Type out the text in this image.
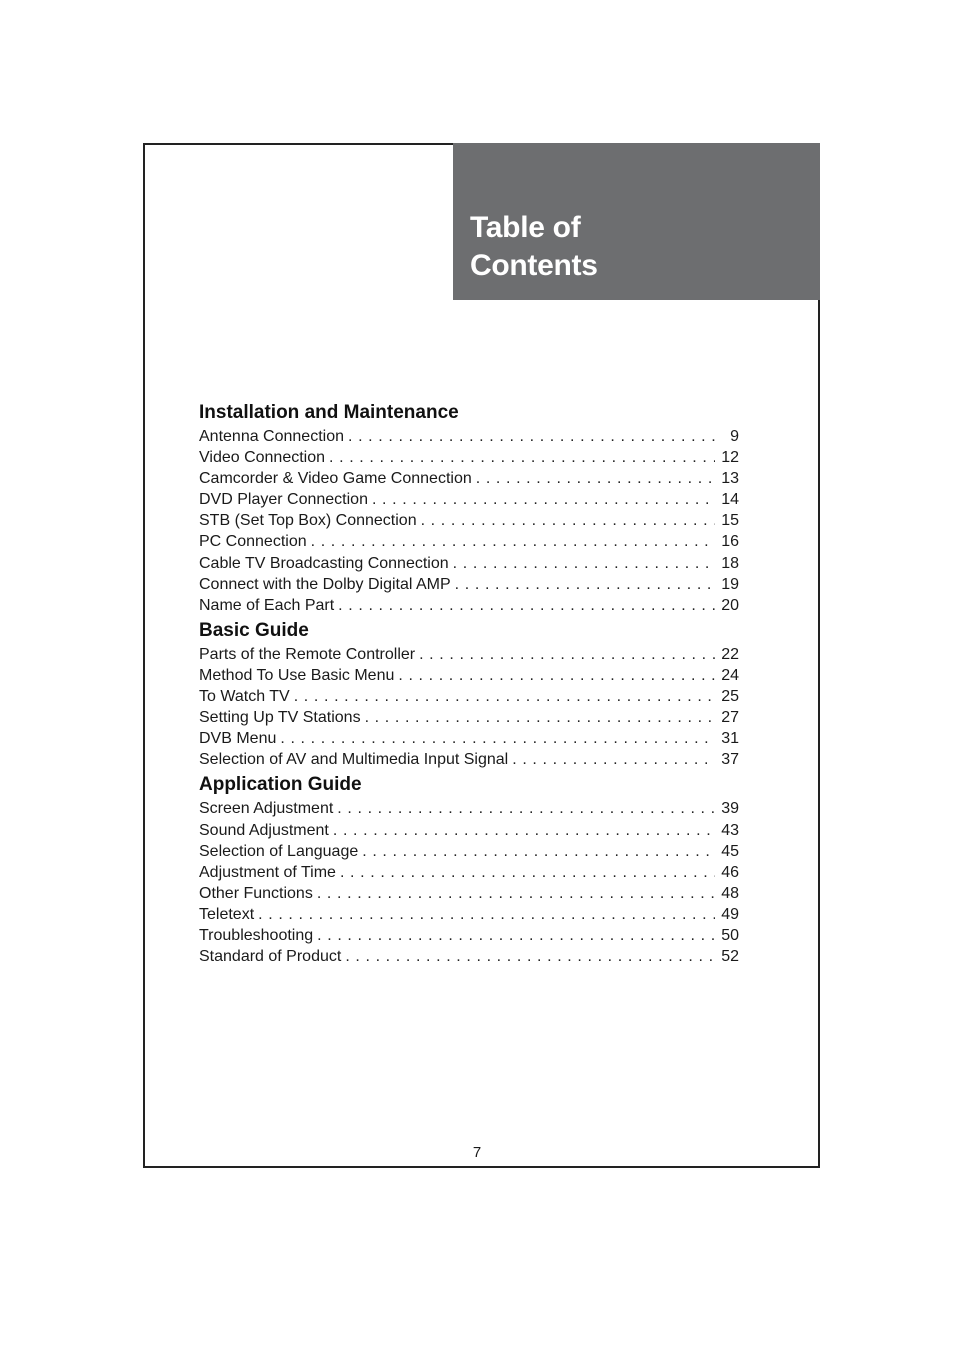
Table of
Contents
Installation and Maintenance
Antenna Connection . . .	9
Video Connection . . .	12
Camcorder & Video Game Connection . . .	13
DVD Player Connection . . .	14
STB (Set Top Box) Connection . . .	15
PC Connection . . .	16
Cable TV Broadcasting Connection . . .	18
Connect with the Dolby Digital AMP . . .	19
Name of Each Part . . .	20
Basic Guide
Parts of the Remote Controller . . .	22
Method To Use Basic Menu . . .	24
To Watch TV . . .	25
Setting Up TV Stations . . .	27
DVB Menu . . .	31
Selection of AV and Multimedia Input Signal . . .	37
Application Guide
Screen Adjustment . . .	39
Sound Adjustment . . .	43
Selection of Language . . .	45
Adjustment of Time . . .	46
Other Functions . . .	48
Teletext . . .	49
Troubleshooting . . .	50
Standard of Product . . .	52
7
